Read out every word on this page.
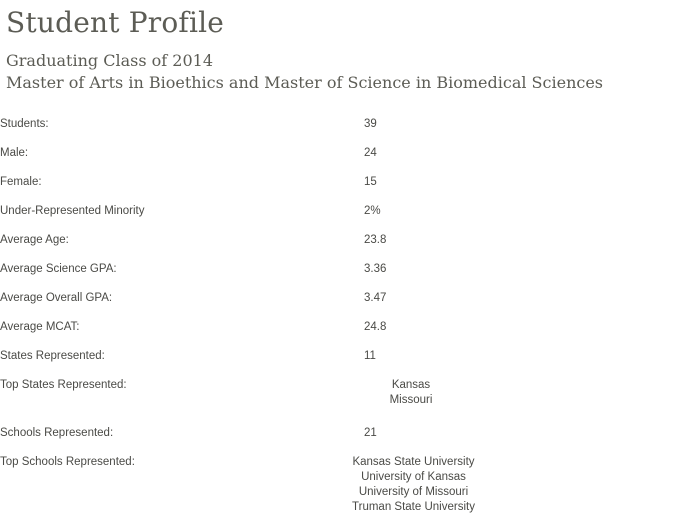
Student Profile
Graduating Class of 2014
Master of Arts in Bioethics and Master of Science in Biomedical Sciences
Students:	39

Male:	24

Female:	15

Under-Represented Minority	2%

Average Age:	23.8

Average Science GPA:	3.36

Average Overall GPA:	3.47

Average MCAT:	24.8

States Represented:	11

Top States Represented:	Kansas
Missouri

Schools Represented:	21

Top Schools Represented:	Kansas State University
University of Kansas
University of Missouri
Truman State University
